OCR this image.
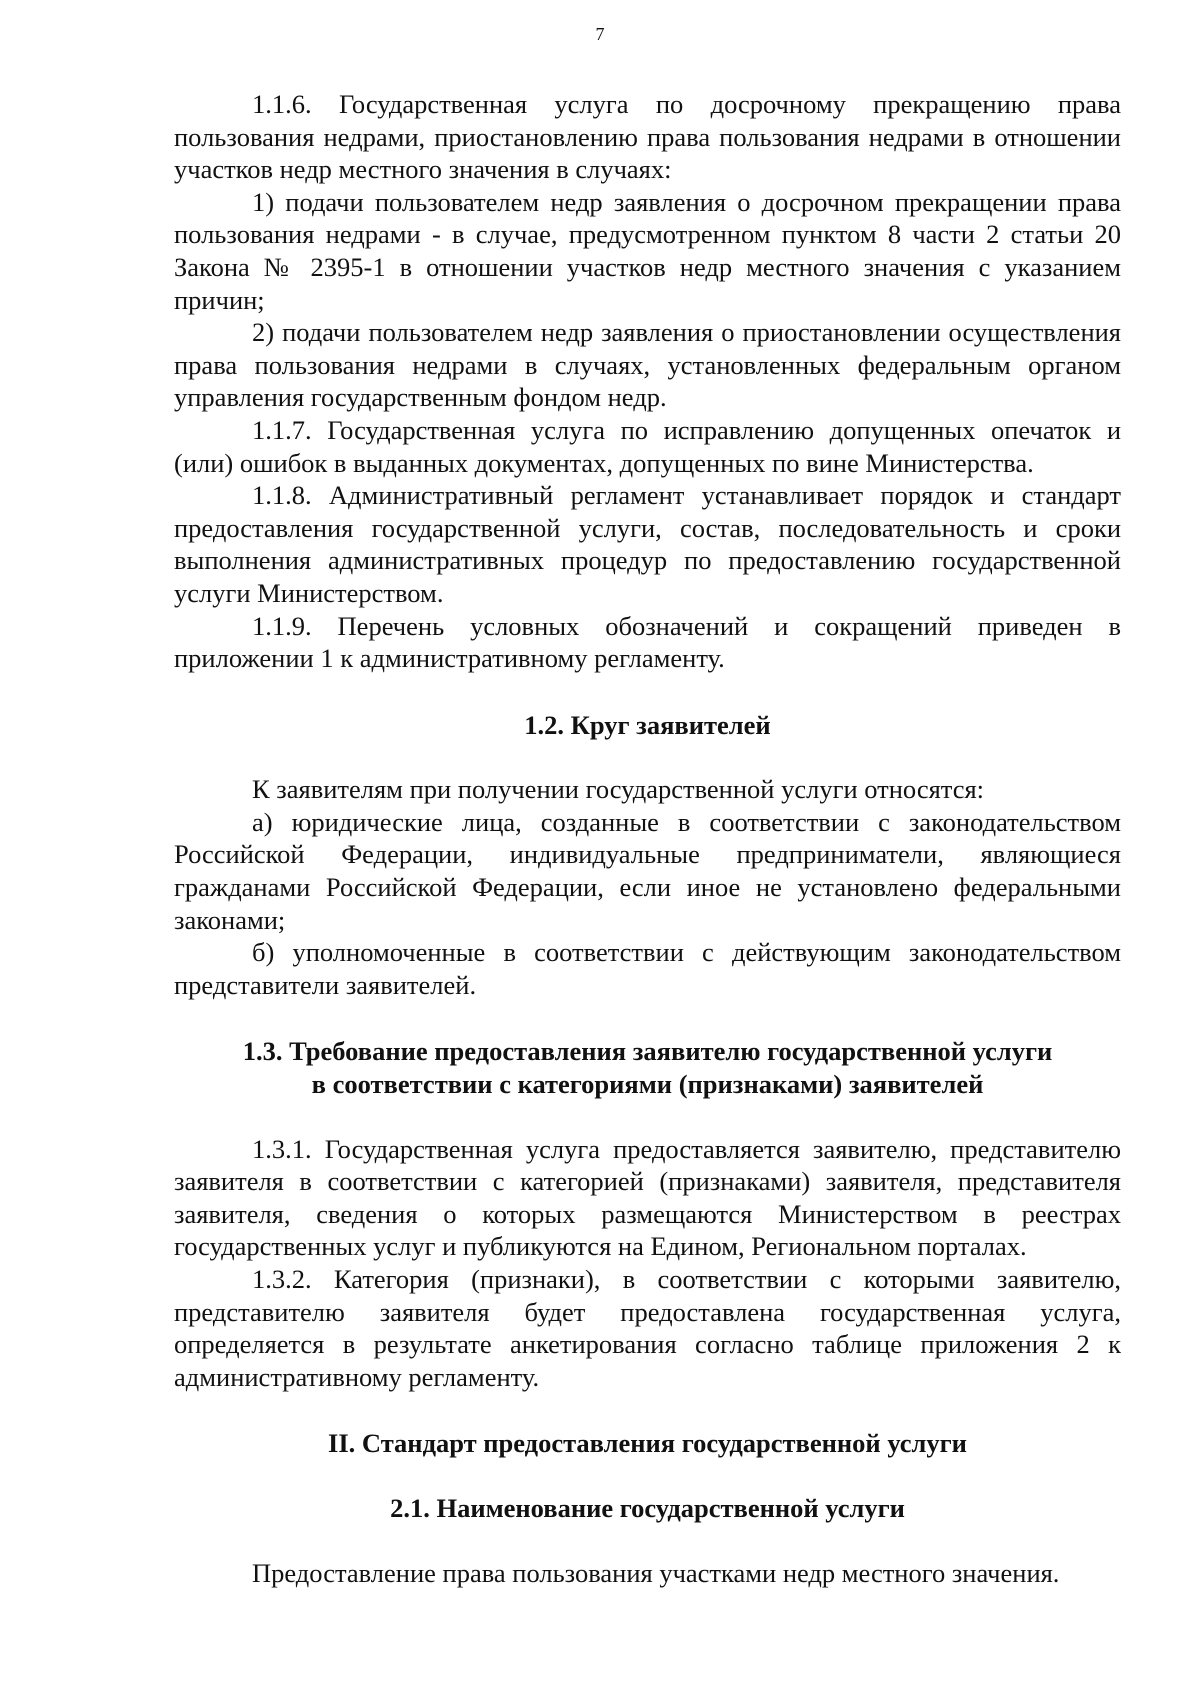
7

1.1.6. Государственная услуга по досрочному прекращению права пользования недрами, приостановлению права пользования недрами в отношении участков недр местного значения в случаях:

1) подачи пользователем недр заявления о досрочном прекращении права пользования недрами - в случае, предусмотренном пунктом 8 части 2 статьи 20 Закона № 2395-1 в отношении участков недр местного значения с указанием причин;

2) подачи пользователем недр заявления о приостановлении осуществления права пользования недрами в случаях, установленных федеральным органом управления государственным фондом недр.

1.1.7. Государственная услуга по исправлению допущенных опечаток и (или) ошибок в выданных документах, допущенных по вине Министерства.

1.1.8. Административный регламент устанавливает порядок и стандарт предоставления государственной услуги, состав, последовательность и сроки выполнения административных процедур по предоставлению государственной услуги Министерством.

1.1.9. Перечень условных обозначений и сокращений приведен в приложении 1 к административному регламенту.

1.2. Круг заявителей

К заявителям при получении государственной услуги относятся:

а) юридические лица, созданные в соответствии с законодательством Российской Федерации, индивидуальные предприниматели, являющиеся гражданами Российской Федерации, если иное не установлено федеральными законами;

б) уполномоченные в соответствии с действующим законодательством представители заявителей.

1.3. Требование предоставления заявителю государственной услуги
в соответствии с категориями (признаками) заявителей

1.3.1. Государственная услуга предоставляется заявителю, представителю заявителя в соответствии с категорией (признаками) заявителя, представителя заявителя, сведения о которых размещаются Министерством в реестрах государственных услуг и публикуются на Едином, Региональном порталах.

1.3.2. Категория (признаки), в соответствии с которыми заявителю, представителю заявителя будет предоставлена государственная услуга, определяется в результате анкетирования согласно таблице приложения 2 к административному регламенту.

II. Стандарт предоставления государственной услуги
2.1. Наименование государственной услуги

Предоставление права пользования участками недр местного значения.
